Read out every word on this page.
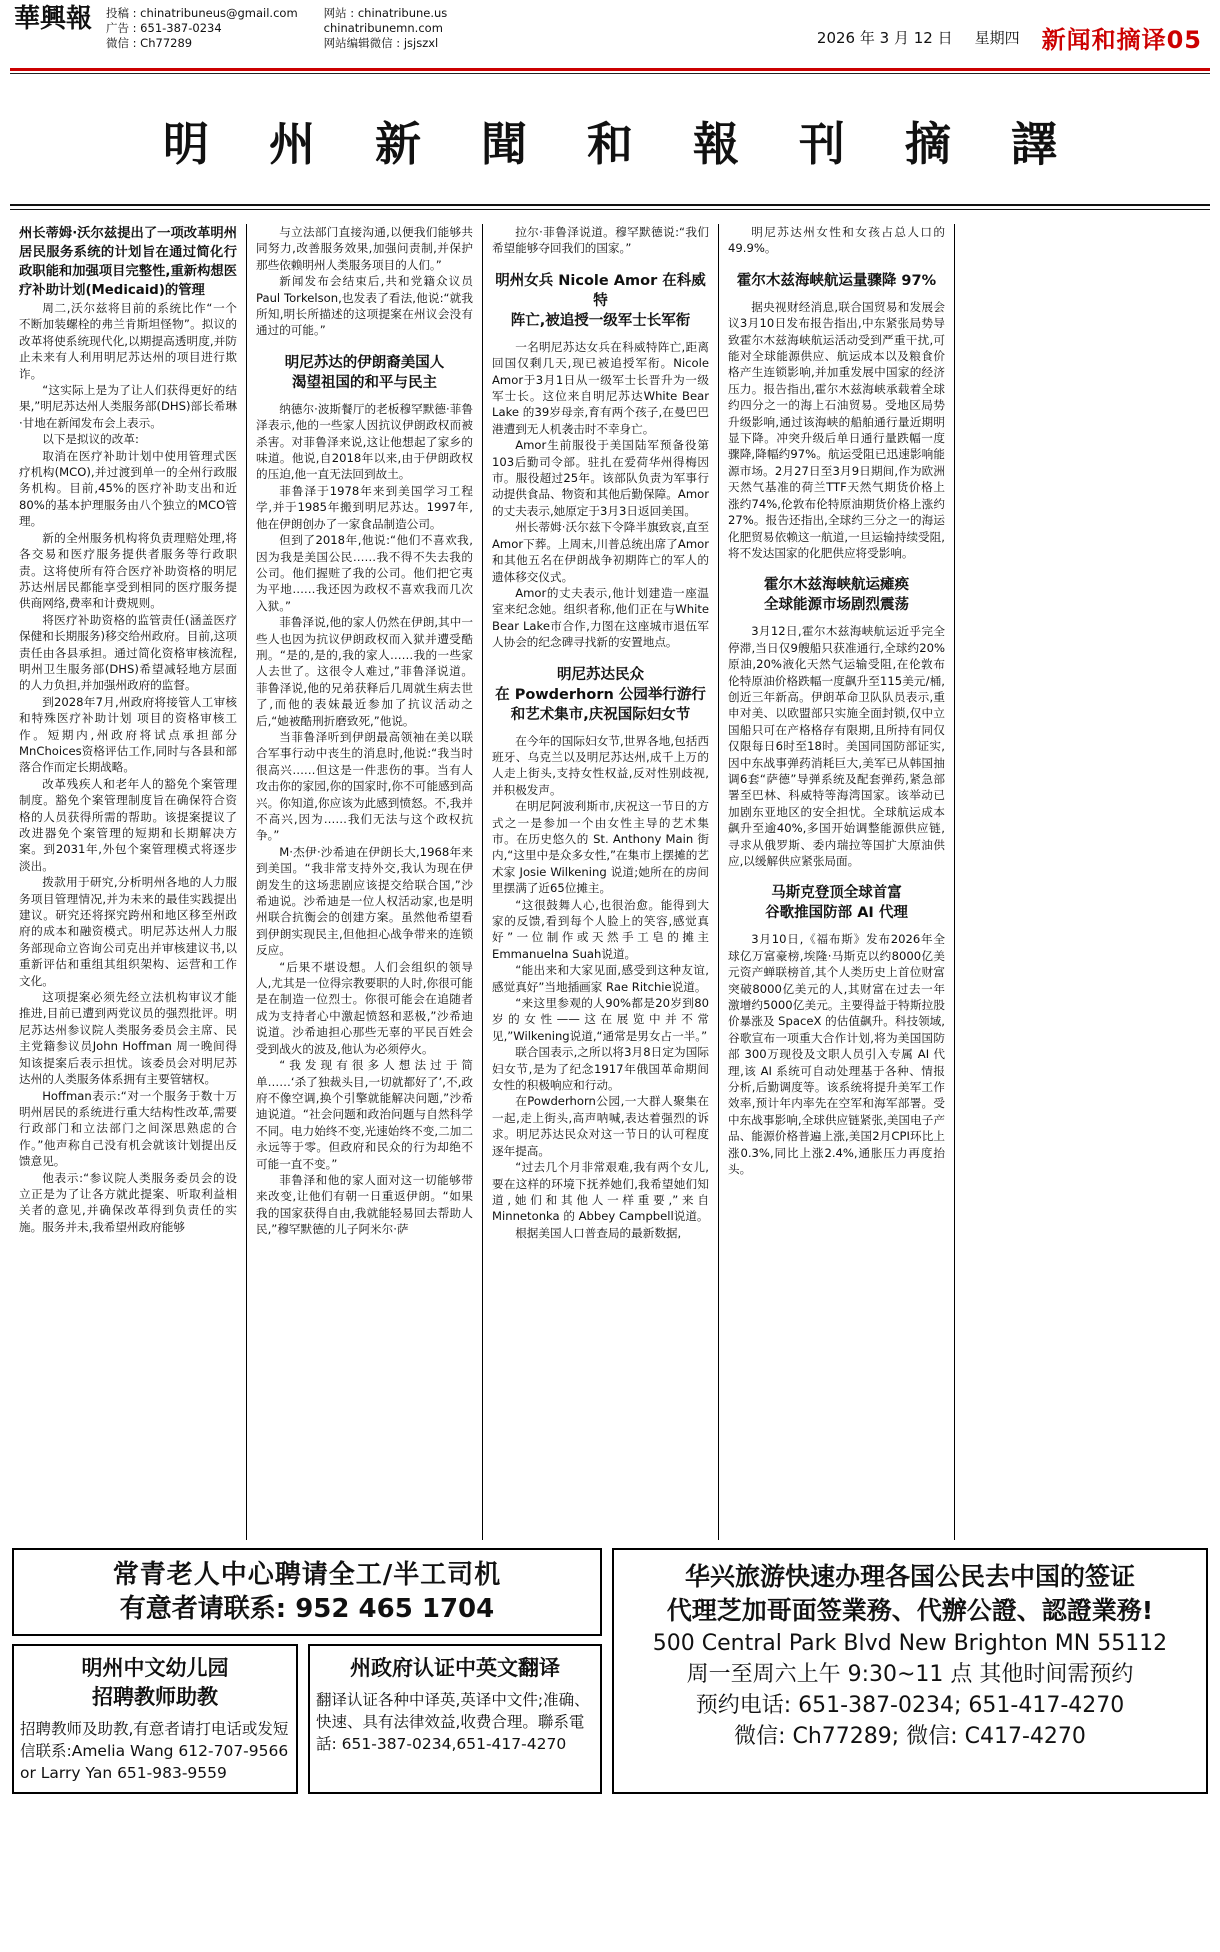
華興報 投稿 : chinatribuneus@gmail.com
广告 : 651-387-0234
微信 : Ch77289
网站 : chinatribune.us
chinatribunemn.com
网站编辑微信 : jsjszxl	2026 年 3 月 12 日 星期四 新闻和摘译05
明 州 新 聞 和 報 刊 摘 譯

州长蒂姆·沃尔兹提出了一项改革明州居民服务系统的计划旨在通过简化行政职能和加强项目完整性,重新构想医疗补助计划(Medicaid)的管理

周二,沃尔兹将目前的系统比作“一个不断加装螺栓的弗兰肯斯坦怪物”。拟议的改革将使系统现代化,以期提高透明度,并防止未来有人利用明尼苏达州的项目进行欺诈。

“这实际上是为了让人们获得更好的结果,”明尼苏达州人类服务部(DHS)部长希琳·甘地在新闻发布会上表示。

以下是拟议的改革:

取消在医疗补助计划中使用管理式医疗机构(MCO),并过渡到单一的全州行政服务机构。目前,45%的医疗补助支出和近80%的基本护理服务由八个独立的MCO管理。

新的全州服务机构将负责理赔处理,将各交易和医疗服务提供者服务等行政职责。这将使所有符合医疗补助资格的明尼苏达州居民都能享受到相同的医疗服务提供商网络,费率和计费规则。

将医疗补助资格的监管责任(涵盖医疗保健和长期服务)移交给州政府。目前,这项责任由各县承担。通过简化资格审核流程,明州卫生服务部(DHS)希望减轻地方层面的人力负担,并加强州政府的监督。

到2028年7月,州政府将接管人工审核和特殊医疗补助计划 项目的资格审核工作。短期内,州政府将试点承担部分MnChoices资格评估工作,同时与各县和部落合作而定长期战略。

改革残疾人和老年人的豁免个案管理制度。豁免个案管理制度旨在确保符合资格的人员获得所需的帮助。该提案提议了改进器免个案管理的短期和长期解决方案。到2031年,外包个案管理模式将逐步淡出。

拨款用于研究,分析明州各地的人力服务项目管理情况,并为未来的最佳实践提出建议。研究还将探究跨州和地区移至州政府的成本和融资模式。明尼苏达州人力服务部现命立咨询公司克出并审核建议书,以重新评估和重组其组织架构、运营和工作文化。

这项提案必须先经立法机构审议才能推进,目前已遭到两党议员的强烈批评。明尼苏达州参议院人类服务委员会主席、民主党籍参议员John Hoffman 周一晚间得知该提案后表示担忧。该委员会对明尼苏达州的人类服务体系拥有主要管辖权。

Hoffman表示:“对一个服务于数十万明州居民的系统进行重大结构性改革,需要行政部门和立法部门之间深思熟虑的合作。”他声称自己没有机会就该计划提出反馈意见。

他表示:“参议院人类服务委员会的设立正是为了让各方就此提案、听取利益相关者的意见,并确保改革得到负责任的实施。服务并未,我希望州政府能够

与立法部门直接沟通,以便我们能够共同努力,改善服务效果,加强问责制,并保护那些依赖明州人类服务项目的人们。”

新闻发布会结束后,共和党籍众议员Paul Torkelson,也发表了看法,他说:“就我所知,明长所描述的这项提案在州议会没有通过的可能。”

明尼苏达的伊朗裔美国人
渴望祖国的和平与民主

纳德尔·波斯餐厅的老板穆罕默德·菲鲁泽表示,他的一些家人因抗议伊朗政权而被杀害。对菲鲁泽来说,这让他想起了家乡的味道。他说,自2018年以来,由于伊朗政权的压迫,他一直无法回到故土。

菲鲁泽于1978年来到美国学习工程学,并于1985年搬到明尼苏达。1997年,他在伊朗创办了一家食品制造公司。

但到了2018年,他说:“他们不喜欢我,因为我是美国公民……我不得不失去我的公司。他们握赃了我的公司。他们把它夷为平地……我还因为政权不喜欢我而几次入狱。”

菲鲁泽说,他的家人仍然在伊朗,其中一些人也因为抗议伊朗政权而入狱并遭受酷刑。“是的,是的,我的家人……我的一些家人去世了。这很令人难过,”菲鲁泽说道。菲鲁泽说,他的兄弟获释后几周就生病去世了,而他的表妹最近参加了抗议活动之后,“她被酷刑折磨致死,”他说。

当菲鲁泽听到伊朗最高领袖在美以联合军事行动中丧生的消息时,他说:“我当时很高兴……但这是一件悲伤的事。当有人攻击你的家园,你的国家时,你不可能感到高兴。你知道,你应该为此感到愤怒。不,我并不高兴,因为……我们无法与这个政权抗争。”

M·杰伊·沙希迪在伊朗长大,1968年来到美国。“我非常支持外交,我认为现在伊朗发生的这场悲剧应该提交给联合国,”沙希迪说。沙希迪是一位人权活动家,也是明州联合抗衡会的创建方案。虽然他希望看到伊朗实现民主,但他担心战争带来的连锁反应。

“后果不堪设想。人们会组织的领导人,尤其是一位得宗教要职的人时,你很可能是在制造一位烈士。你很可能会在追随者成为支持者心中激起愤怒和恶极,”沙希迪说道。沙希迪担心那些无辜的平民百姓会受到战火的波及,他认为必须停火。

“我发现有很多人想法过于简单……‘杀了独裁头目,一切就都好了’,不,政府不像空调,换个引擎就能解决问题,”沙希迪说道。“社会问题和政治问题与自然科学不同。电力始终不变,光速始终不变,二加二永远等于零。但政府和民众的行为却绝不可能一直不变。”

菲鲁泽和他的家人面对这一切能够带来改变,让他们有朝一日重返伊朗。“如果我的国家获得自由,我就能轻易回去帮助人民,”穆罕默德的儿子阿米尔·萨

拉尔·菲鲁泽说道。穆罕默德说:“我们希望能够夺回我们的国家。”

明州女兵 Nicole Amor 在科威特
阵亡,被追授一级军士长军衔

一名明尼苏达女兵在科威特阵亡,距离回国仅剩几天,现已被追授军衔。Nicole Amor于3月1日从一级军士长晋升为一级军士长。这位来自明尼苏达White Bear Lake 的39岁母亲,育有两个孩子,在曼巴巴港遭到无人机袭击时不幸身亡。

Amor生前服役于美国陆军预备役第103后勤司令部。驻扎在爱荷华州得梅因市。服役超过25年。该部队负责为军事行动提供食品、物资和其他后勤保障。Amor的丈夫表示,她原定于3月3日返回美国。

州长蒂姆·沃尔兹下令降半旗致哀,直至Amor下葬。上周末,川普总统出席了Amor和其他五名在伊朗战争初期阵亡的军人的遗体移交仪式。

Amor的丈夫表示,他计划建造一座温室来纪念她。组织者称,他们正在与White Bear Lake市合作,力图在这座城市退伍军人协会的纪念碑寻找新的安置地点。

明尼苏达民众
在 Powderhorn 公园举行游行
和艺术集市,庆祝国际妇女节

在今年的国际妇女节,世界各地,包括西班牙、乌克兰以及明尼苏达州,成千上万的人走上街头,支持女性权益,反对性别歧视,并积极发声。

在明尼阿波利斯市,庆祝这一节日的方式之一是参加一个由女性主导的艺术集市。在历史悠久的 St. Anthony Main 街内,“这里中是众多女性,”在集市上摆摊的艺术家 Josie Wilkening 说道;她所在的房间里摆满了近65位摊主。

“这很鼓舞人心,也很治愈。能得到大家的反馈,看到每个人脸上的笑容,感觉真好”一位制作或天然手工皂的摊主 Emmanuelna Suah说道。

“能出来和大家见面,感受到这种友谊,感觉真好”当地插画家 Rae Ritchie说道。

“来这里参观的人90%都是20岁到80岁的女性——这在展览中并不常见,”Wilkening说道,“通常是男女占一半。”

联合国表示,之所以将3月8日定为国际妇女节,是为了纪念1917年俄国革命期间女性的积极响应和行动。

在Powderhorn公园,一大群人聚集在一起,走上街头,高声呐喊,表达着强烈的诉求。明尼苏达民众对这一节日的认可程度逐年提高。

“过去几个月非常艰难,我有两个女儿,要在这样的环境下抚养她们,我希望她们知道,她们和其他人一样重要,”来自 Minnetonka 的 Abbey Campbell说道。

根据美国人口普查局的最新数据,

明尼苏达州女性和女孩占总人口的49.9%。

霍尔木兹海峡航运量骤降 97%

据央视财经消息,联合国贸易和发展会议3月10日发布报告指出,中东紧张局势导致霍尔木兹海峡航运活动受到严重干扰,可能对全球能源供应、航运成本以及粮食价格产生连锁影响,并加重发展中国家的经济压力。报告指出,霍尔木兹海峡承载着全球约四分之一的海上石油贸易。受地区局势升级影响,通过该海峡的船舶通行量近期明显下降。冲突升级后单日通行量跌幅一度骤降,降幅约97%。航运受阻已迅速影响能源市场。2月27日至3月9日期间,作为欧洲天然气基准的荷兰TTF天然气期货价格上涨约74%,伦敦布伦特原油期货价格上涨约27%。报告还指出,全球约三分之一的海运化肥贸易依赖这一航道,一旦运输持续受阻,将不发达国家的化肥供应将受影响。

霍尔木兹海峡航运瘫痪
全球能源市场剧烈震荡

3月12日,霍尔木兹海峡航运近乎完全停滞,当日仅9艘船只获准通行,全球约20%原油,20%液化天然气运输受阻,在伦敦布伦特原油价格跌幅一度飙升至115美元/桶,创近三年新高。伊朗革命卫队队员表示,重申对美、以欧盟部只实施全面封锁,仅中立国船只可在产格格存有限期,且所持有同仅仅限每日6时至18时。美国同国防部证实,因中东战事弹药消耗巨大,美军已从韩国抽调6套“萨德”导弹系统及配套弹药,紧急部署至巴林、科威特等海湾国家。该举动已加剧东亚地区的安全担忧。全球航运成本飙升至逾40%,多国开始调整能源供应链,寻求从俄罗斯、委内瑞拉等国扩大原油供应,以缓解供应紧张局面。

马斯克登顶全球首富
谷歌推国防部 AI 代理

3月10日,《福布斯》发布2026年全球亿万富豪榜,埃隆·马斯克以约8000亿美元资产蝉联榜首,其个人类历史上首位财富突破8000亿美元的人,其财富在过去一年激增约5000亿美元。主要得益于特斯拉股价暴涨及 SpaceX 的估值飙升。科技领域,谷歌宣布一项重大合作计划,将为美国国防部 300万现役及文职人员引入专属 AI 代理,该 AI 系统可自动处理基于各种、情报分析,后勤调度等。该系统将提升美军工作效率,预计年内率先在空军和海军部署。受中东战事影响,全球供应链紧张,美国电子产品、能源价格普遍上涨,美国2月CPI环比上涨0.3%,同比上涨2.4%,通胀压力再度抬头。

常青老人中心聘请全工/半工司机
有意者请联系: 952 465 1704
明州中文幼儿园
招聘教师助教
招聘教师及助教,有意者请打电话或发短信联系:Amelia Wang 612-707-9566 or Larry Yan 651-983-9559
州政府认证中英文翻译
翻译认证各种中译英,英译中文件;准确、快速、具有法律效益,收费合理。聯系電話: 651-387-0234,651-417-4270
华兴旅游快速办理各国公民去中国的签证
代理芝加哥面签業務、代辦公證、認證業務!
500 Central Park Blvd New Brighton MN 55112
周一至周六上午 9:30~11 点 其他时间需预约
预约电话: 651-387-0234; 651-417-4270
微信: Ch77289; 微信: C417-4270
